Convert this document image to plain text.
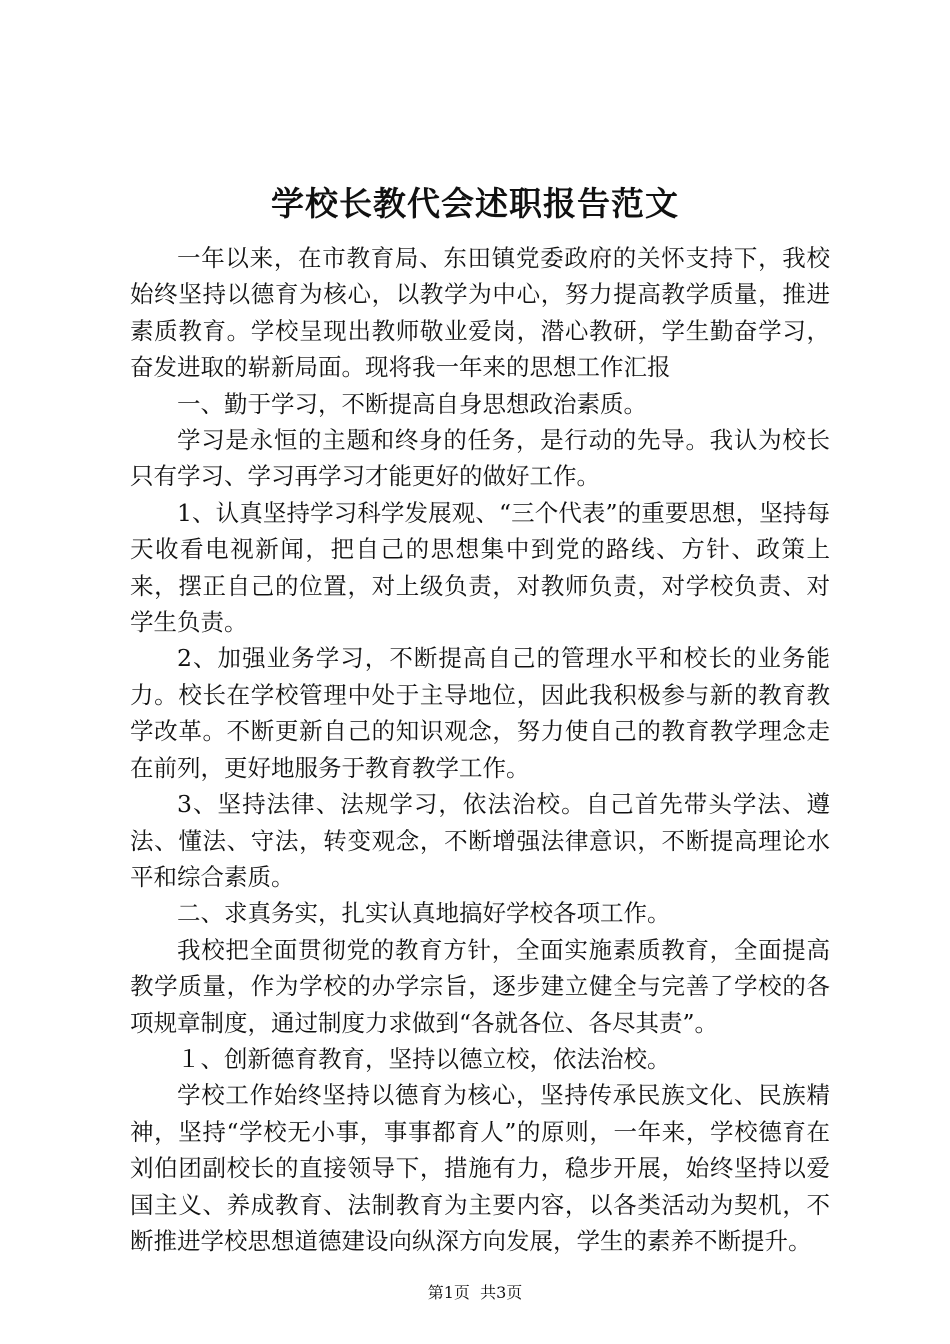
学校长教代会述职报告范文

一年以来，在市教育局、东田镇党委政府的关怀支持下，我校始终坚持以德育为核心，以教学为中心，努力提高教学质量，推进素质教育。学校呈现出教师敬业爱岗，潜心教研，学生勤奋学习，奋发进取的崭新局面。现将我一年来的思想工作汇报

一、勤于学习，不断提高自身思想政治素质。

学习是永恒的主题和终身的任务，是行动的先导。我认为校长只有学习、学习再学习才能更好的做好工作。

1、认真坚持学习科学发展观、“三个代表”的重要思想，坚持每天收看电视新闻，把自己的思想集中到党的路线、方针、政策上来，摆正自己的位置，对上级负责，对教师负责，对学校负责、对学生负责。

2、加强业务学习，不断提高自己的管理水平和校长的业务能力。校长在学校管理中处于主导地位，因此我积极参与新的教育教学改革。不断更新自己的知识观念，努力使自己的教育教学理念走在前列，更好地服务于教育教学工作。

3、坚持法律、法规学习，依法治校。自己首先带头学法、遵法、懂法、守法，转变观念，不断增强法律意识，不断提高理论水平和综合素质。

二、求真务实，扎实认真地搞好学校各项工作。

我校把全面贯彻党的教育方针，全面实施素质教育，全面提高教学质量，作为学校的办学宗旨，逐步建立健全与完善了学校的各项规章制度，通过制度力求做到“各就各位、各尽其责”。

１、创新德育教育，坚持以德立校，依法治校。

学校工作始终坚持以德育为核心，坚持传承民族文化、民族精神，坚持“学校无小事，事事都育人”的原则，一年来，学校德育在刘伯团副校长的直接领导下，措施有力，稳步开展，始终坚持以爱国主义、养成教育、法制教育为主要内容，以各类活动为契机，不断推进学校思想道德建设向纵深方向发展，学生的素养不断提升。

第1页  共3页
